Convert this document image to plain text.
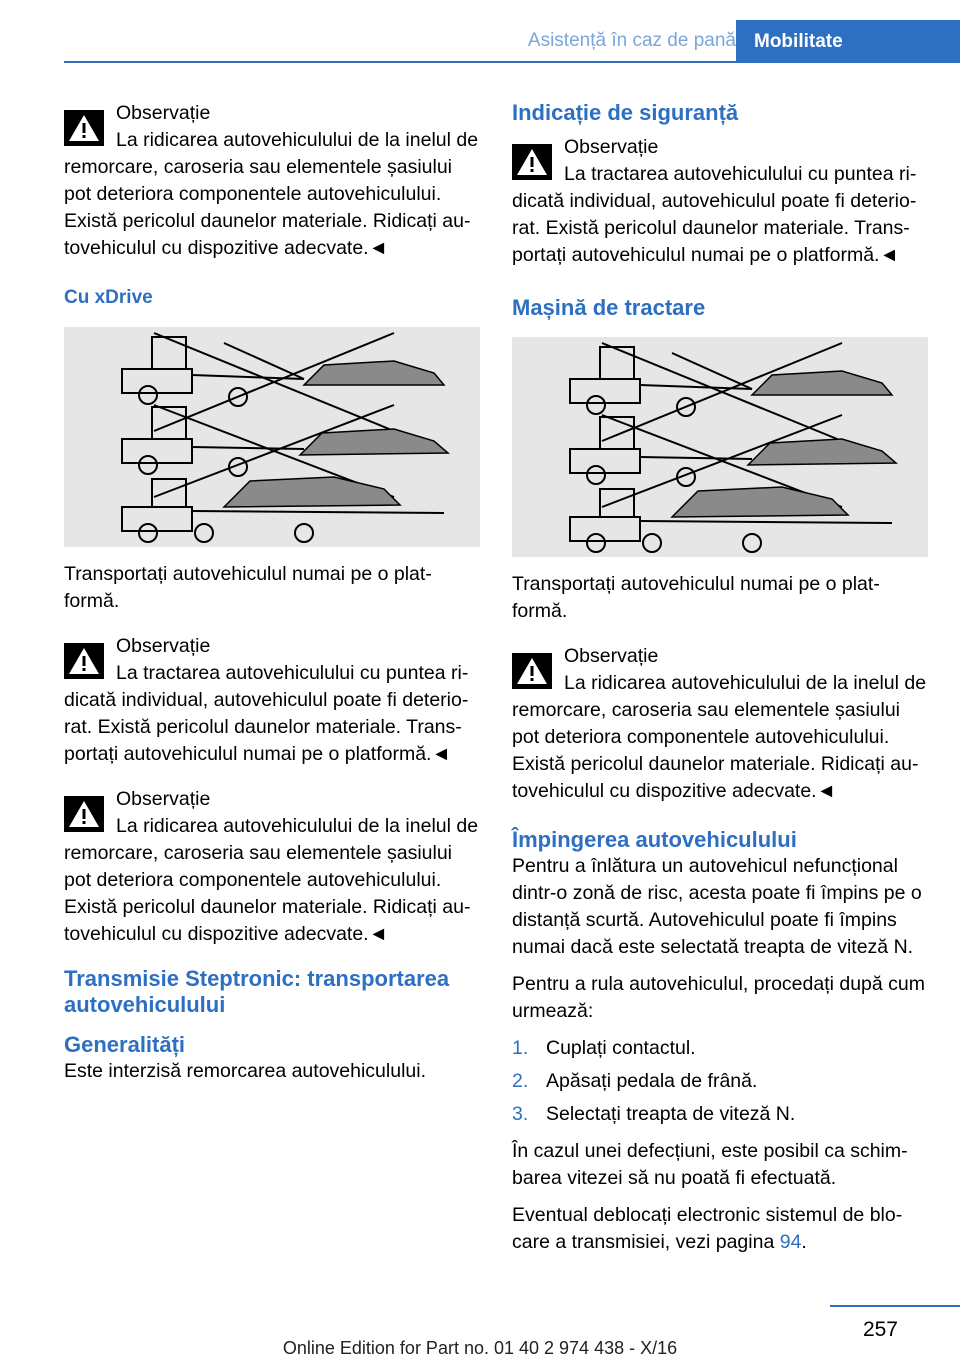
Asistență în caz de pană Mobilitate
Observație

La ridicarea autovehiculului de la inelul de remorcare, caroseria sau elementele șasiului pot deteriora componentele autovehiculului. Există pericolul daunelor materiale. Ridicați autovehiculul cu dispozitive adecvate.◄

Cu xDrive

Transportați autovehiculul numai pe o platformă.

Observație

La tractarea autovehiculului cu puntea ridicată individual, autovehiculul poate fi deteriorat. Există pericolul daunelor materiale. Transportați autovehiculul numai pe o platformă.◄

Observație

La ridicarea autovehiculului de la inelul de remorcare, caroseria sau elementele șasiului pot deteriora componentele autovehiculului. Există pericolul daunelor materiale. Ridicați autovehiculul cu dispozitive adecvate.◄

Transmisie Steptronic: transportarea autovehiculului
Generalități

Este interzisă remorcarea autovehiculului.

Indicație de siguranță
Observație

La tractarea autovehiculului cu puntea ridicată individual, autovehiculul poate fi deteriorat. Există pericolul daunelor materiale. Transportați autovehiculul numai pe o platformă.◄

Mașină de tractare

Transportați autovehiculul numai pe o platformă.

Observație

La ridicarea autovehiculului de la inelul de remorcare, caroseria sau elementele șasiului pot deteriora componentele autovehiculului. Există pericolul daunelor materiale. Ridicați autovehiculul cu dispozitive adecvate.◄

Împingerea autovehiculului

Pentru a înlătura un autovehicul nefuncțional dintr-o zonă de risc, acesta poate fi împins pe o distanță scurtă. Autovehiculul poate fi împins numai dacă este selectată treapta de viteză N.

Pentru a rula autovehiculul, procedați după cum urmează:

1. Cuplați contactul.
2. Apăsați pedala de frână.
3. Selectați treapta de viteză N.

În cazul unei defecțiuni, este posibil ca schimbarea vitezei să nu poată fi efectuată.

Eventual deblocați electronic sistemul de blocare a transmisiei, vezi pagina 94.

257
Online Edition for Part no. 01 40 2 974 438 - X/16
